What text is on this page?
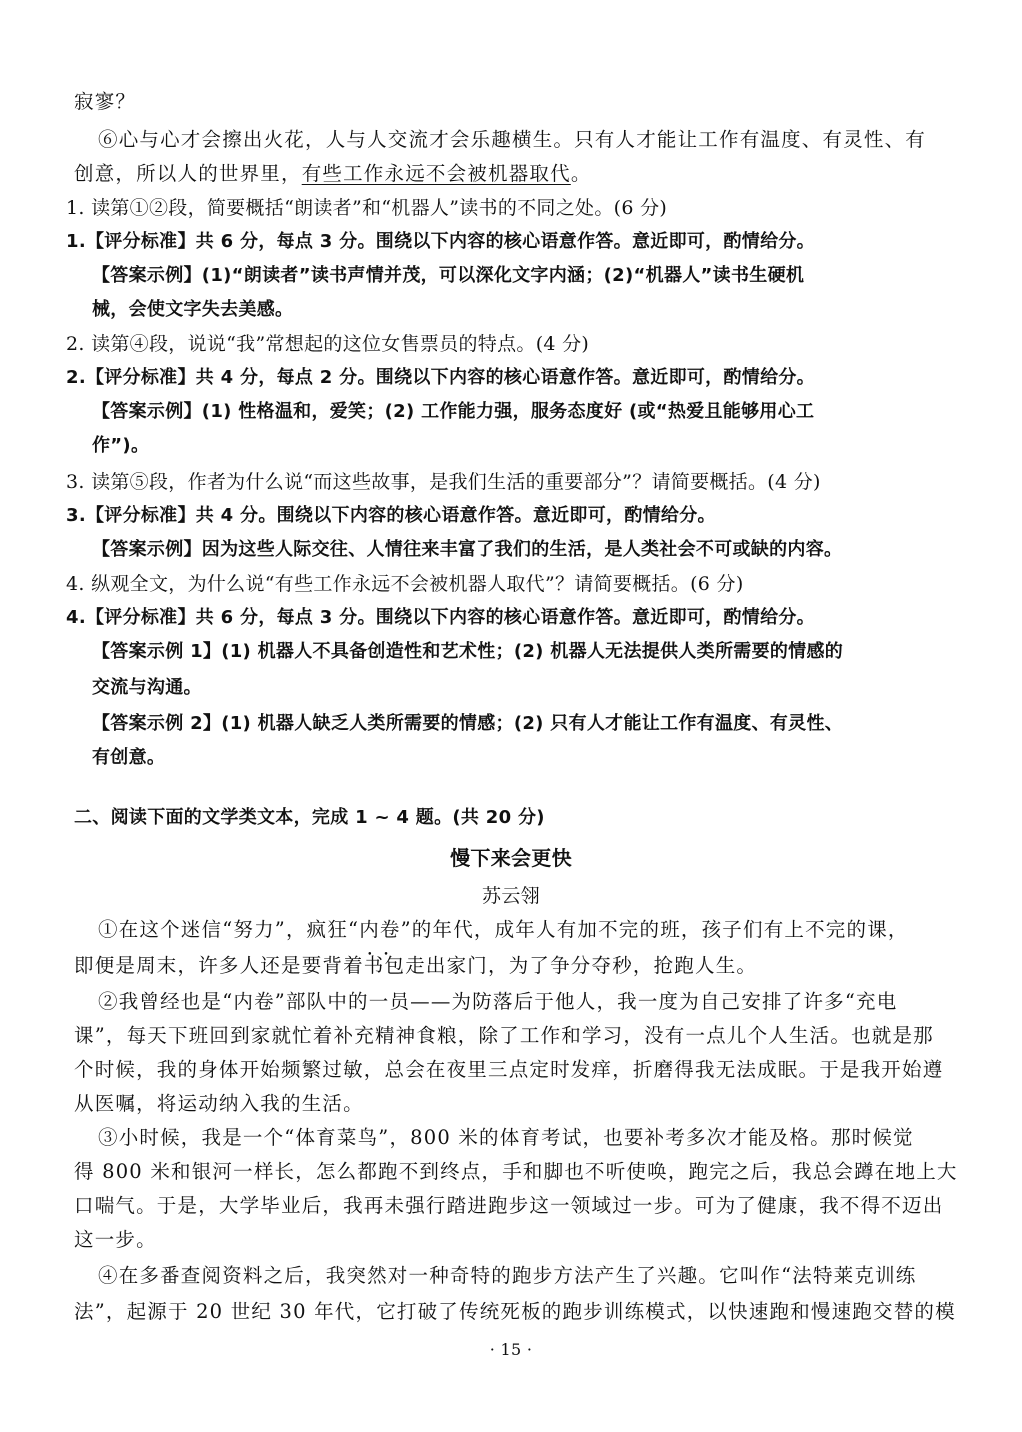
寂寥？
⑥心与心才会擦出火花，人与人交流才会乐趣横生。只有人才能让工作有温度、有灵性、有
创意，所以人的世界里，有些工作永远不会被机器取代。
1. 读第①②段，简要概括“朗读者”和“机器人”读书的不同之处。(6 分)
1.【评分标准】共 6 分，每点 3 分。围绕以下内容的核心语意作答。意近即可，酌情给分。
【答案示例】(1)“朗读者”读书声情并茂，可以深化文字内涵；(2)“机器人”读书生硬机
械，会使文字失去美感。
2. 读第④段，说说“我”常想起的这位女售票员的特点。(4 分)
2.【评分标准】共 4 分，每点 2 分。围绕以下内容的核心语意作答。意近即可，酌情给分。
【答案示例】(1) 性格温和，爱笑；(2) 工作能力强，服务态度好 (或“热爱且能够用心工
作”)。
3. 读第⑤段，作者为什么说“而这些故事，是我们生活的重要部分”？请简要概括。(4 分)
3.【评分标准】共 4 分。围绕以下内容的核心语意作答。意近即可，酌情给分。
【答案示例】因为这些人际交往、人情往来丰富了我们的生活，是人类社会不可或缺的内容。
4. 纵观全文，为什么说“有些工作永远不会被机器人取代”？请简要概括。(6 分)
4.【评分标准】共 6 分，每点 3 分。围绕以下内容的核心语意作答。意近即可，酌情给分。
【答案示例 1】(1) 机器人不具备创造性和艺术性；(2) 机器人无法提供人类所需要的情感的
交流与沟通。
【答案示例 2】(1) 机器人缺乏人类所需要的情感；(2) 只有人才能让工作有温度、有灵性、
有创意。
二、阅读下面的文学类文本，完成 1 ~ 4 题。(共 20 分)
慢下来会更快
苏云翎
①在这个迷信“努力”，疯狂“内卷 • •”的年代，成年人有加不完的班，孩子们有上不完的课，
即便是周末，许多人还是要背着书包走出家门，为了争分夺秒，抢跑人生。
②我曾经也是“内卷”部队中的一员——为防落后于他人，我一度为自己安排了许多“充电
课”，每天下班回到家就忙着补充精神食粮，除了工作和学习，没有一点儿个人生活。也就是那
个时候，我的身体开始频繁过敏，总会在夜里三点定时发痒，折磨得我无法成眠。于是我开始遵
从医嘱，将运动纳入我的生活。
③小时候，我是一个“体育菜鸟”，800 米的体育考试，也要补考多次才能及格。那时候觉
得 800 米和银河一样长，怎么都跑不到终点，手和脚也不听使唤，跑完之后，我总会蹲在地上大
口喘气。于是，大学毕业后，我再未强行踏进跑步这一领域过一步。可为了健康，我不得不迈出
这一步。
④在多番查阅资料之后，我突然对一种奇特的跑步方法产生了兴趣。它叫作“法特莱克训练
法”，起源于 20 世纪 30 年代，它打破了传统死板的跑步训练模式，以快速跑和慢速跑交替的模
· 15 ·
